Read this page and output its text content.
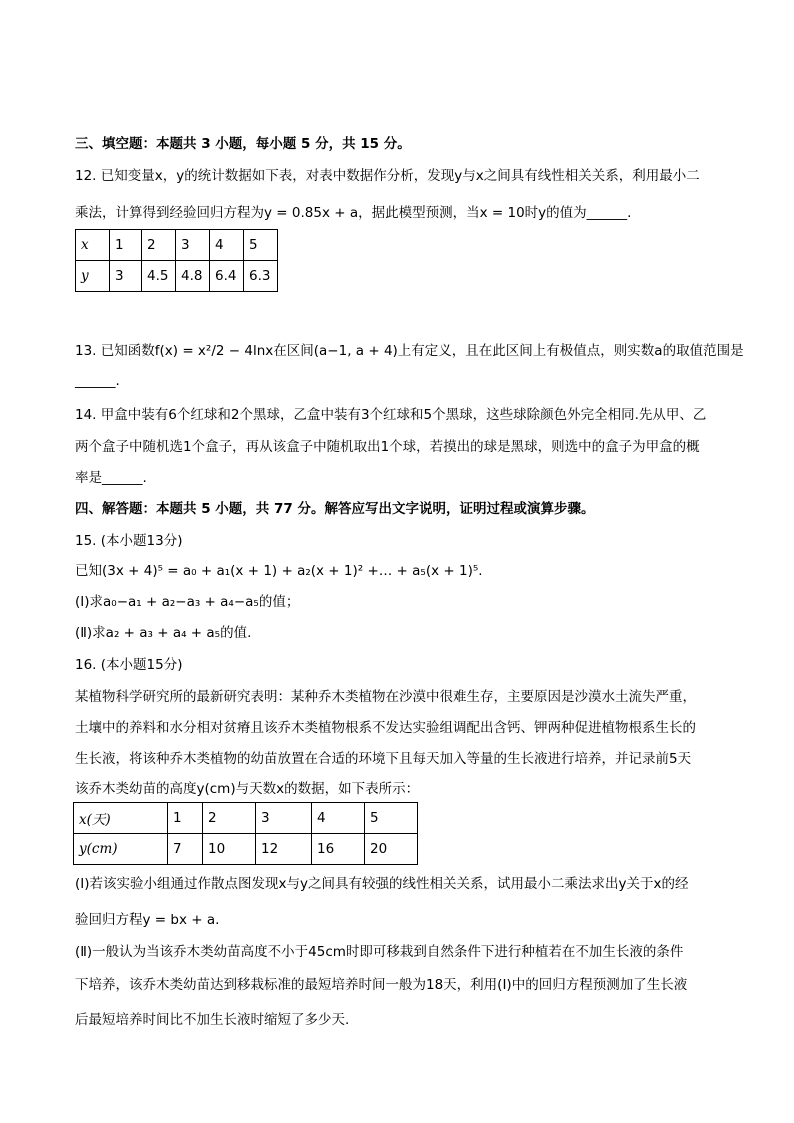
三、填空题：本题共 3 小题，每小题 5 分，共 15 分。
12. 已知变量x，y的统计数据如下表，对表中数据作分析，发现y与x之间具有线性相关关系，利用最小二
乘法，计算得到经验回归方程为y = 0.85x + a，据此模型预测，当x = 10时y的值为______.
x	1	2	3	4	5
y	3	4.5	4.8	6.4	6.3
13. 已知函数f(x) = x²/2 − 4lnx在区间(a−1, a + 4)上有定义，且在此区间上有极值点，则实数a的取值范围是
______.
14. 甲盒中装有6个红球和2个黑球，乙盒中装有3个红球和5个黑球，这些球除颜色外完全相同.先从甲、乙
两个盒子中随机选1个盒子，再从该盒子中随机取出1个球，若摸出的球是黑球，则选中的盒子为甲盒的概
率是______.
四、解答题：本题共 5 小题，共 77 分。解答应写出文字说明，证明过程或演算步骤。
15. (本小题13分)
已知(3x + 4)⁵ = a₀ + a₁(x + 1) + a₂(x + 1)² +… + a₅(x + 1)⁵.
(Ⅰ)求a₀−a₁ + a₂−a₃ + a₄−a₅的值；
(Ⅱ)求a₂ + a₃ + a₄ + a₅的值.
16. (本小题15分)
某植物科学研究所的最新研究表明：某种乔木类植物在沙漠中很难生存，主要原因是沙漠水土流失严重，
土壤中的养料和水分相对贫瘠且该乔木类植物根系不发达实验组调配出含钙、钾两种促进植物根系生长的
生长液，将该种乔木类植物的幼苗放置在合适的环境下且每天加入等量的生长液进行培养，并记录前5天
该乔木类幼苗的高度y(cm)与天数x的数据，如下表所示：
x(天)	1	2	3	4	5
y(cm)	7	10	12	16	20
(Ⅰ)若该实验小组通过作散点图发现x与y之间具有较强的线性相关关系，试用最小二乘法求出y关于x的经
验回归方程y = bx + a.
(Ⅱ)一般认为当该乔木类幼苗高度不小于45cm时即可移栽到自然条件下进行种植若在不加生长液的条件
下培养，该乔木类幼苗达到移栽标准的最短培养时间一般为18天，利用(Ⅰ)中的回归方程预测加了生长液
后最短培养时间比不加生长液时缩短了多少天.
